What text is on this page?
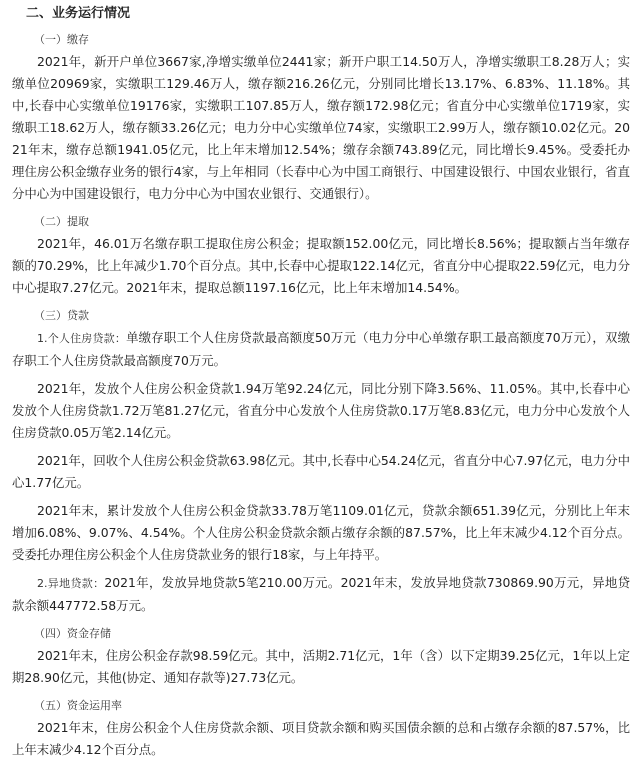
二、业务运行情况
（一）缴存

2021年，新开户单位3667家,净增实缴单位2441家；新开户职工14.50万人，净增实缴职工8.28万人；实缴单位20969家，实缴职工129.46万人，缴存额216.26亿元，分别同比增长13.17%、6.83%、11.18%。其中,长春中心实缴单位19176家，实缴职工107.85万人，缴存额172.98亿元；省直分中心实缴单位1719家，实缴职工18.62万人，缴存额33.26亿元；电力分中心实缴单位74家，实缴职工2.99万人，缴存额10.02亿元。2021年末，缴存总额1941.05亿元，比上年末增加12.54%；缴存余额743.89亿元，同比增长9.45%。受委托办理住房公积金缴存业务的银行4家，与上年相同（长春中心为中国工商银行、中国建设银行、中国农业银行，省直分中心为中国建设银行，电力分中心为中国农业银行、交通银行）。

（二）提取

2021年，46.01万名缴存职工提取住房公积金；提取额152.00亿元，同比增长8.56%；提取额占当年缴存额的70.29%，比上年减少1.70个百分点。其中,长春中心提取122.14亿元，省直分中心提取22.59亿元，电力分中心提取7.27亿元。2021年末，提取总额1197.16亿元，比上年末增加14.54%。

（三）贷款

1.个人住房贷款：单缴存职工个人住房贷款最高额度50万元（电力分中心单缴存职工最高额度70万元），双缴存职工个人住房贷款最高额度70万元。

2021年，发放个人住房公积金贷款1.94万笔92.24亿元，同比分别下降3.56%、11.05%。其中,长春中心发放个人住房贷款1.72万笔81.27亿元，省直分中心发放个人住房贷款0.17万笔8.83亿元，电力分中心发放个人住房贷款0.05万笔2.14亿元。

2021年，回收个人住房公积金贷款63.98亿元。其中,长春中心54.24亿元，省直分中心7.97亿元，电力分中心1.77亿元。

2021年末，累计发放个人住房公积金贷款33.78万笔1109.01亿元，贷款余额651.39亿元，分别比上年末增加6.08%、9.07%、4.54%。个人住房公积金贷款余额占缴存余额的87.57%，比上年末减少4.12个百分点。受委托办理住房公积金个人住房贷款业务的银行18家，与上年持平。

2.异地贷款：2021年，发放异地贷款5笔210.00万元。2021年末，发放异地贷款730869.90万元，异地贷款余额447772.58万元。

（四）资金存储

2021年末，住房公积金存款98.59亿元。其中，活期2.71亿元，1年（含）以下定期39.25亿元，1年以上定期28.90亿元，其他(协定、通知存款等)27.73亿元。

（五）资金运用率

2021年末，住房公积金个人住房贷款余额、项目贷款余额和购买国债余额的总和占缴存余额的87.57%，比上年末减少4.12个百分点。
